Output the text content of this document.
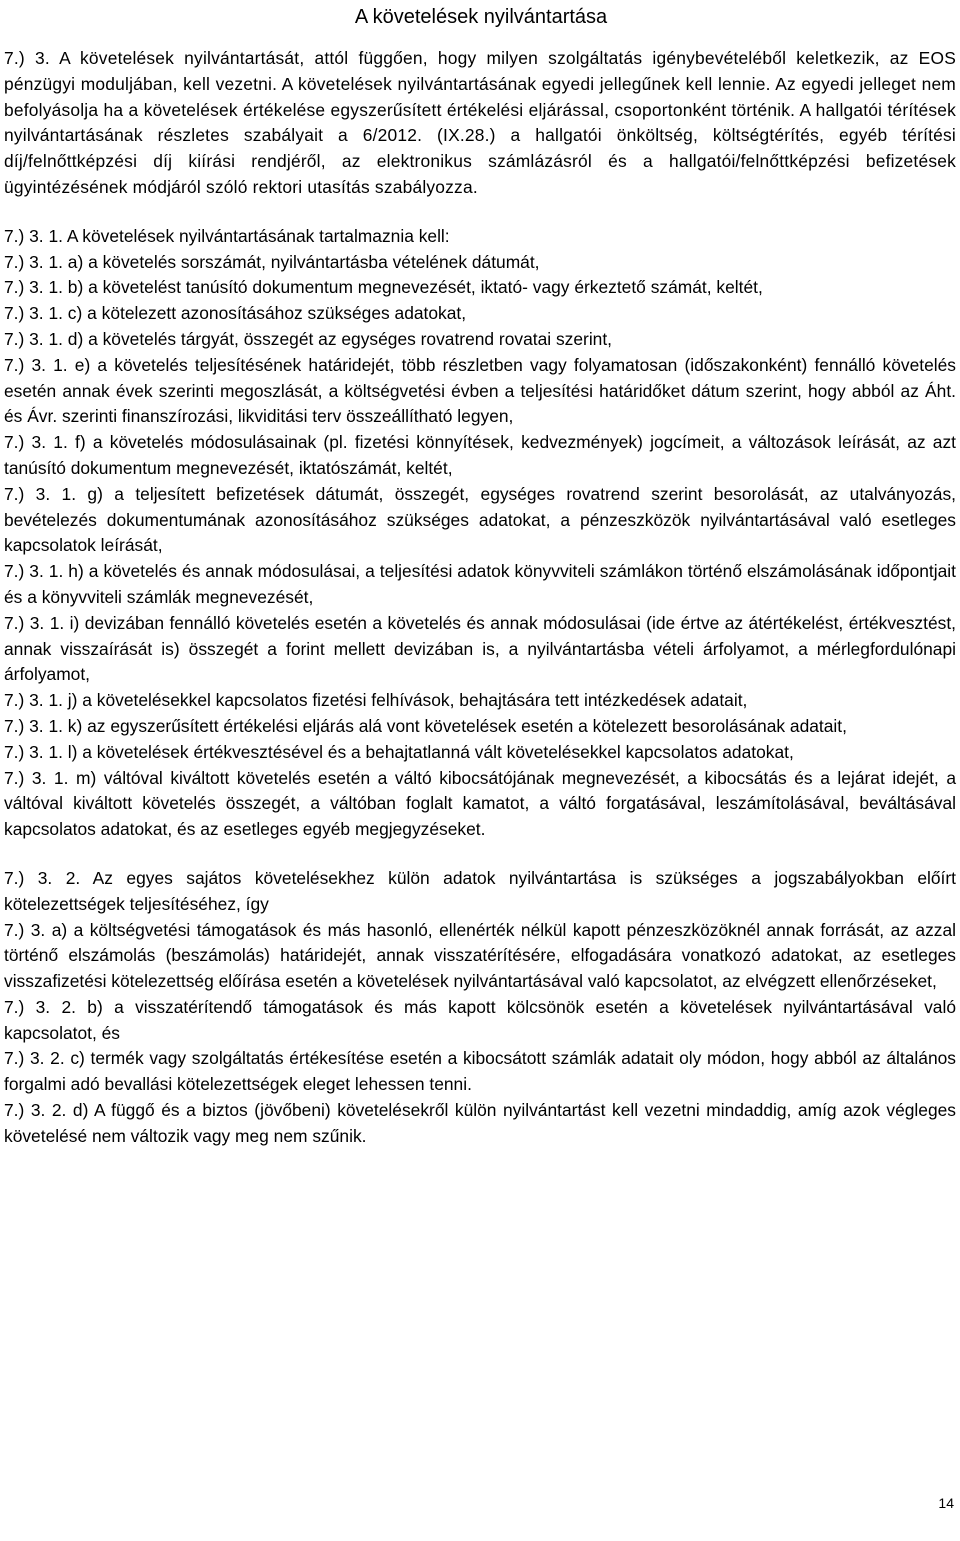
A követelések nyilvántartása
7.) 3. A követelések nyilvántartását, attól függően, hogy milyen szolgáltatás igénybevételéből keletkezik, az EOS pénzügyi moduljában, kell vezetni. A követelések nyilvántartásának egyedi jellegűnek kell lennie. Az egyedi jelleget nem befolyásolja ha a követelések értékelése egyszerűsített értékelési eljárással, csoportonként történik. A hallgatói térítések nyilvántartásának részletes szabályait a 6/2012. (IX.28.) a hallgatói önköltség, költségtérítés, egyéb térítési díj/felnőttképzési díj kiírási rendjéről, az elektronikus számlázásról és a hallgatói/felnőttképzési befizetések ügyintézésének módjáról szóló rektori utasítás szabályozza.

7.) 3. 1. A követelések nyilvántartásának tartalmaznia kell:

7.) 3. 1. a) a követelés sorszámát, nyilvántartásba vételének dátumát,

7.) 3. 1. b) a követelést tanúsító dokumentum megnevezését, iktató- vagy érkeztető számát, keltét,

7.) 3. 1. c) a kötelezett azonosításához szükséges adatokat,

7.) 3. 1. d) a követelés tárgyát, összegét az egységes rovatrend rovatai szerint,

7.) 3. 1. e) a követelés teljesítésének határidejét, több részletben vagy folyamatosan (időszakonként) fennálló követelés esetén annak évek szerinti megoszlását, a költségvetési évben a teljesítési határidőket dátum szerint, hogy abból az Áht. és Ávr. szerinti finanszírozási, likviditási terv összeállítható legyen,

7.) 3. 1. f) a követelés módosulásainak (pl. fizetési könnyítések, kedvezmények) jogcímeit, a változások leírását, az azt tanúsító dokumentum megnevezését, iktatószámát, keltét,

7.) 3. 1. g) a teljesített befizetések dátumát, összegét, egységes rovatrend szerint besorolását, az utalványozás, bevételezés dokumentumának azonosításához szükséges adatokat, a pénzeszközök nyilvántartásával való esetleges kapcsolatok leírását,

7.) 3. 1. h) a követelés és annak módosulásai, a teljesítési adatok könyvviteli számlákon történő elszámolásának időpontjait és a könyvviteli számlák megnevezését,

7.) 3. 1. i) devizában fennálló követelés esetén a követelés és annak módosulásai (ide értve az átértékelést, értékvesztést, annak visszaírását is) összegét a forint mellett devizában is, a nyilvántartásba vételi árfolyamot, a mérlegfordulónapi árfolyamot,

7.) 3. 1. j) a követelésekkel kapcsolatos fizetési felhívások, behajtására tett intézkedések adatait,

7.) 3. 1. k) az egyszerűsített értékelési eljárás alá vont követelések esetén a kötelezett besorolásának adatait,

7.) 3. 1. l) a követelések értékvesztésével és a behajtatlanná vált követelésekkel kapcsolatos adatokat,

7.) 3. 1. m) váltóval kiváltott követelés esetén a váltó kibocsátójának megnevezését, a kibocsátás és a lejárat idejét, a váltóval kiváltott követelés összegét, a váltóban foglalt kamatot, a váltó forgatásával, leszámítolásával, beváltásával kapcsolatos adatokat, és az esetleges egyéb megjegyzéseket.

7.) 3. 2. Az egyes sajátos követelésekhez külön adatok nyilvántartása is szükséges a jogszabályokban előírt kötelezettségek teljesítéséhez, így

7.) 3. a) a költségvetési támogatások és más hasonló, ellenérték nélkül kapott pénzeszközöknél annak forrását, az azzal történő elszámolás (beszámolás) határidejét, annak visszatérítésére, elfogadására vonatkozó adatokat, az esetleges visszafizetési kötelezettség előírása esetén a követelések nyilvántartásával való kapcsolatot, az elvégzett ellenőrzéseket,

7.) 3. 2. b) a visszatérítendő támogatások és más kapott kölcsönök esetén a követelések nyilvántartásával való kapcsolatot, és

7.) 3. 2. c) termék vagy szolgáltatás értékesítése esetén a kibocsátott számlák adatait oly módon, hogy abból az általános forgalmi adó bevallási kötelezettségek eleget lehessen tenni.

7.) 3. 2. d) A függő és a biztos (jövőbeni) követelésekről külön nyilvántartást kell vezetni mindaddig, amíg azok végleges követelésé nem változik vagy meg nem szűnik.

14
